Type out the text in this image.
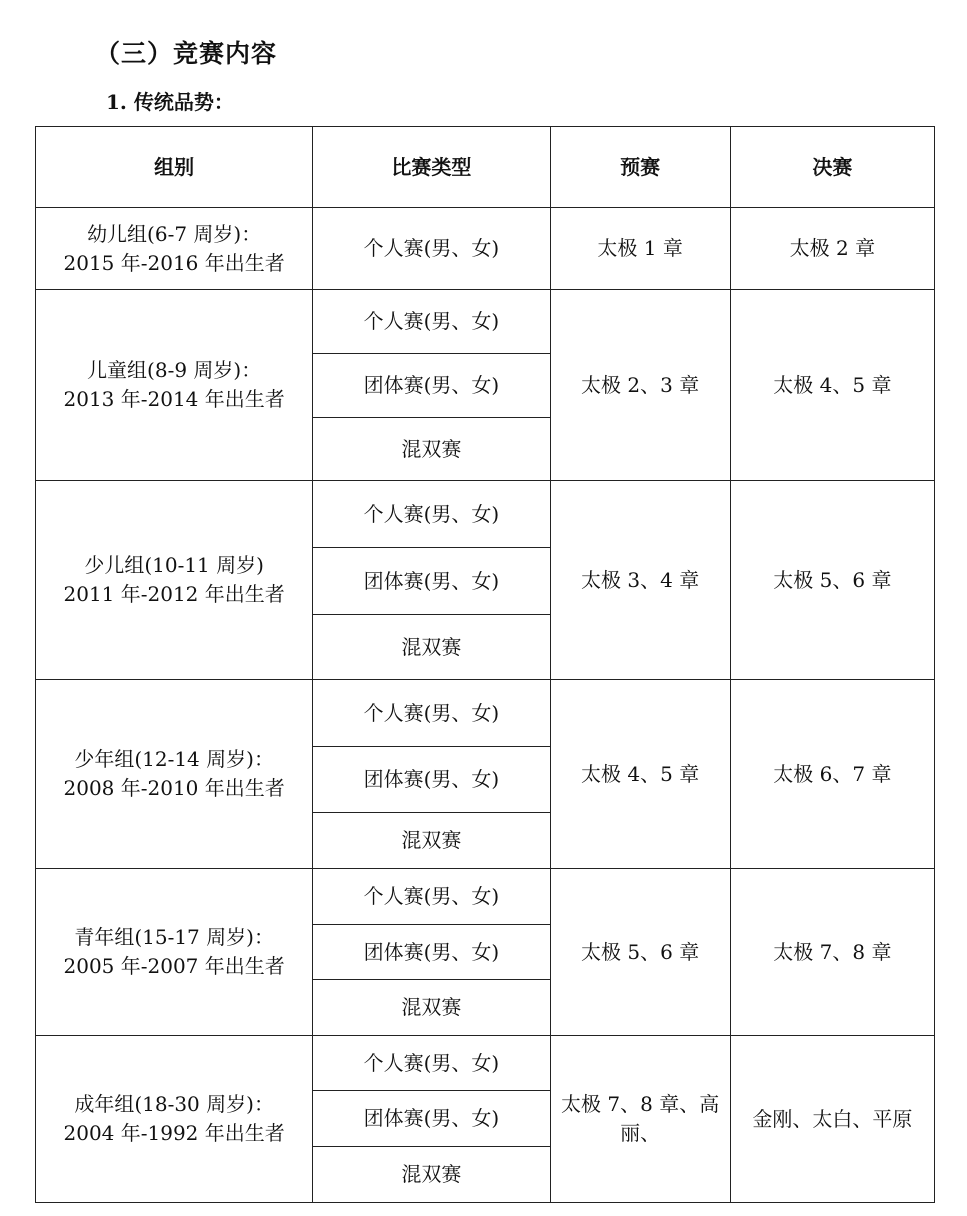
（三）竞赛内容
1. 传统品势：
组别	比赛类型	预赛	决赛

幼儿组(6-7 周岁)：
2015 年-2016 年出生者	个人赛(男、女)	太极 1 章	太极 2 章

儿童组(8-9 周岁)：
2013 年-2014 年出生者	个人赛(男、女)	太极 2、3 章	太极 4、5 章
	团体赛(男、女)		
	混双赛		

少儿组(10-11 周岁)
2011 年-2012 年出生者	个人赛(男、女)	太极 3、4 章	太极 5、6 章
	团体赛(男、女)		
	混双赛		

少年组(12-14 周岁)：
2008 年-2010 年出生者	个人赛(男、女)	太极 4、5 章	太极 6、7 章
	团体赛(男、女)		
	混双赛		

青年组(15-17 周岁)：
2005 年-2007 年出生者	个人赛(男、女)	太极 5、6 章	太极 7、8 章
	团体赛(男、女)		
	混双赛		

成年组(18-30 周岁)：
2004 年-1992 年出生者	个人赛(男、女)	太极 7、8 章、高丽、	金刚、太白、平原
	团体赛(男、女)		
	混双赛		
